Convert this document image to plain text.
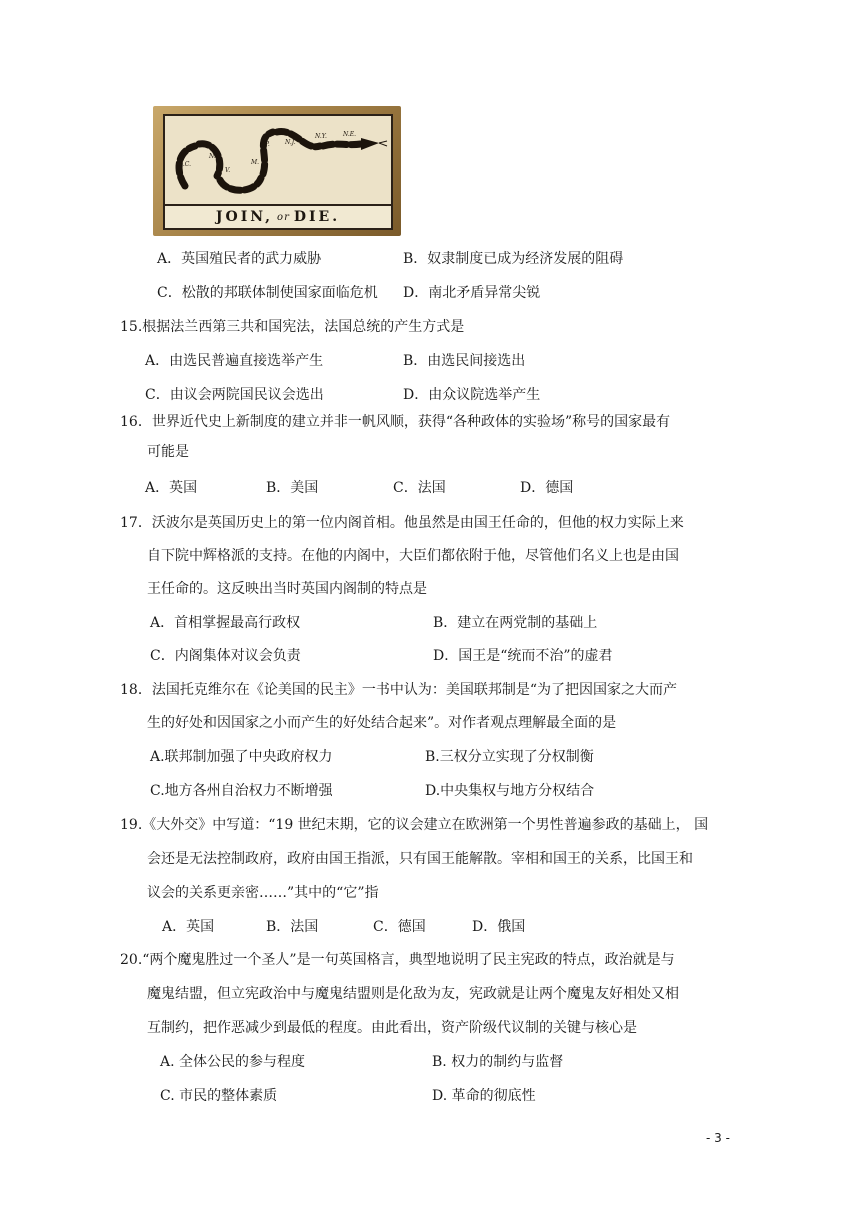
S.C.
N.C.
V.
M.
P.	N.J.
N.Y.	N.E.
JOIN, or DIE.
A．英国殖民者的武力威胁	B．奴隶制度已成为经济发展的阻碍
C．松散的邦联体制使国家面临危机 D．南北矛盾异常尖锐
15.根据法兰西第三共和国宪法，法国总统的产生方式是
A．由选民普遍直接选举产生	B．由选民间接选出
C．由议会两院国民议会选出	D．由众议院选举产生
16．世界近代史上新制度的建立并非一帆风顺，获得“各种政体的实验场”称号的国家最有
可能是
A．英国	B．美国	C．法国	D．德国
17．沃波尔是英国历史上的第一位内阁首相。他虽然是由国王任命的，但他的权力实际上来
自下院中辉格派的支持。在他的内阁中，大臣们都依附于他，尽管他们名义上也是由国
王任命的。这反映出当时英国内阁制的特点是
A．首相掌握最高行政权	B．建立在两党制的基础上
C．内阁集体对议会负责	D．国王是“统而不治”的虚君
18．法国托克维尔在《论美国的民主》一书中认为：美国联邦制是“为了把因国家之大而产
生的好处和因国家之小而产生的好处结合起来”。对作者观点理解最全面的是
A.联邦制加强了中央政府权力	B.三权分立实现了分权制衡
C.地方各州自治权力不断增强	D.中央集权与地方分权结合
19.《大外交》中写道：“19 世纪末期，它的议会建立在欧洲第一个男性普遍参政的基础上， 国
会还是无法控制政府，政府由国王指派，只有国王能解散。宰相和国王的关系，比国王和
议会的关系更亲密……”其中的“它”指
A．英国	B．法国	C．德国	D．俄国
20.“两个魔鬼胜过一个圣人”是一句英国格言，典型地说明了民主宪政的特点，政治就是与
魔鬼结盟，但立宪政治中与魔鬼结盟则是化敌为友，宪政就是让两个魔鬼友好相处又相
互制约，把作恶减少到最低的程度。由此看出，资产阶级代议制的关键与核心是
A. 全体公民的参与程度	B. 权力的制约与监督
C. 市民的整体素质	D. 革命的彻底性
- 3 -
